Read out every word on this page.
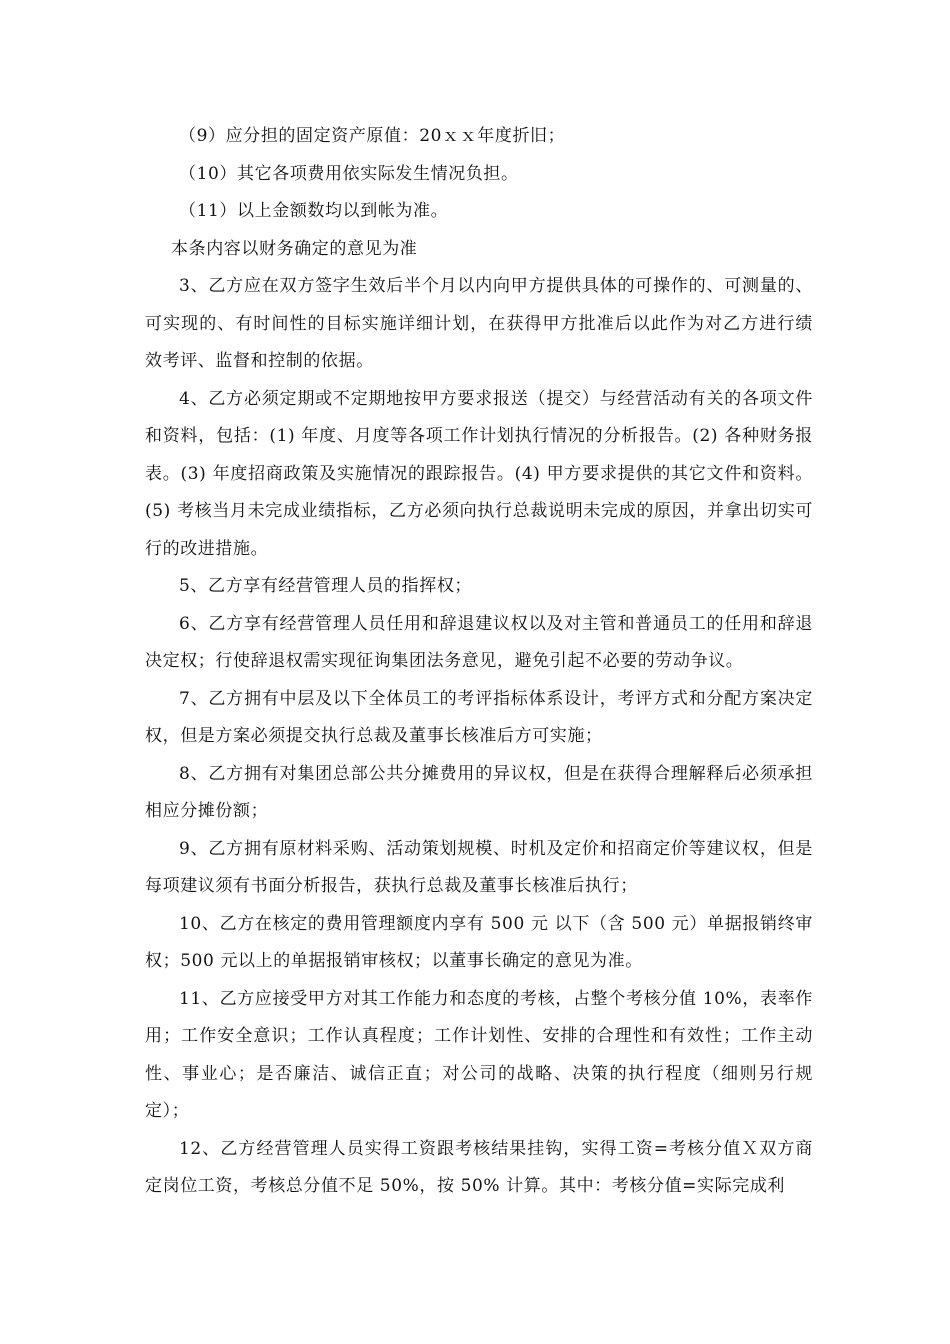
（9）应分担的固定资产原值：20ｘｘ年度折旧；

（10）其它各项费用依实际发生情况负担。

（11）以上金额数均以到帐为准。

本条内容以财务确定的意见为准

3、乙方应在双方签字生效后半个月以内向甲方提供具体的可操作的、可测量的、可实现的、有时间性的目标实施详细计划，在获得甲方批准后以此作为对乙方进行绩效考评、监督和控制的依据。

4、乙方必须定期或不定期地按甲方要求报送（提交）与经营活动有关的各项文件和资料，包括：(1) 年度、月度等各项工作计划执行情况的分析报告。(2) 各种财务报表。(3) 年度招商政策及实施情况的跟踪报告。(4) 甲方要求提供的其它文件和资料。(5) 考核当月未完成业绩指标，乙方必须向执行总裁说明未完成的原因，并拿出切实可行的改进措施。

5、乙方享有经营管理人员的指挥权；

6、乙方享有经营管理人员任用和辞退建议权以及对主管和普通员工的任用和辞退决定权；行使辞退权需实现征询集团法务意见，避免引起不必要的劳动争议。

7、乙方拥有中层及以下全体员工的考评指标体系设计，考评方式和分配方案决定权，但是方案必须提交执行总裁及董事长核准后方可实施；

8、乙方拥有对集团总部公共分摊费用的异议权，但是在获得合理解释后必须承担相应分摊份额；

9、乙方拥有原材料采购、活动策划规模、时机及定价和招商定价等建议权，但是每项建议须有书面分析报告，获执行总裁及董事长核准后执行；

10、乙方在核定的费用管理额度内享有 500 元 以下（含 500 元）单据报销终审权；500 元以上的单据报销审核权；以董事长确定的意见为准。

11、乙方应接受甲方对其工作能力和态度的考核，占整个考核分值 10%，表率作用；工作安全意识；工作认真程度；工作计划性、安排的合理性和有效性；工作主动性、事业心；是否廉洁、诚信正直；对公司的战略、决策的执行程度（细则另行规定）；

12、乙方经营管理人员实得工资跟考核结果挂钩，实得工资=考核分值Ｘ双方商定岗位工资，考核总分值不足 50%，按 50% 计算。其中：考核分值=实际完成利
